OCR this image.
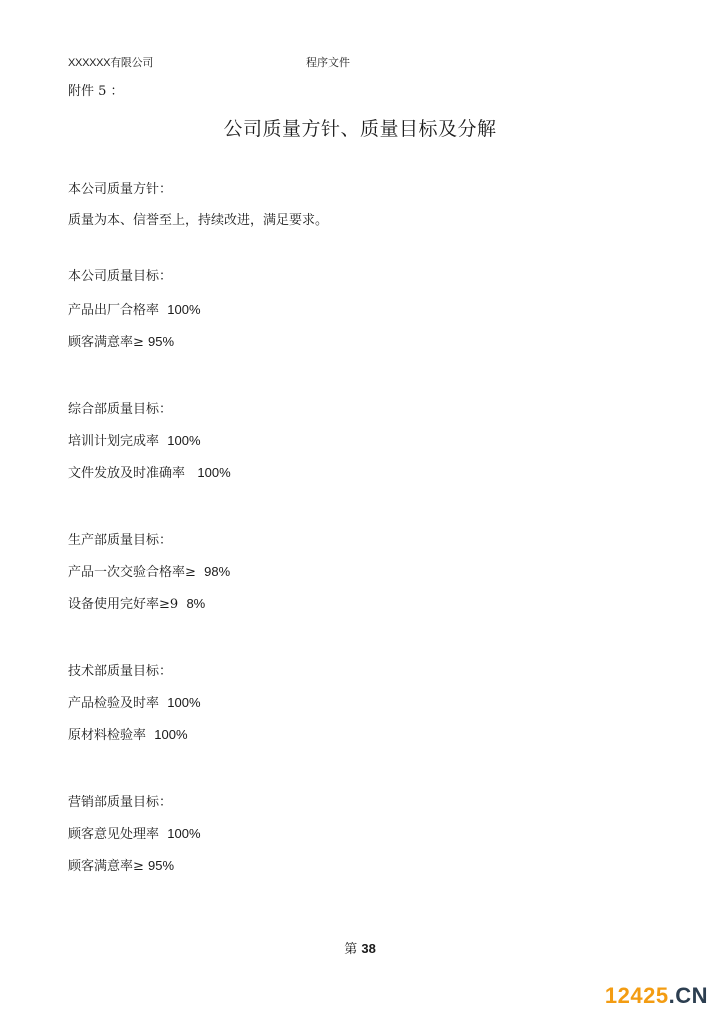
XXXXXX有限公司	程序文件
附件 5 ：
公司质量方针、质量目标及分解
本公司质量方针：
质量为本、信誉至上，持续改进，满足要求。
本公司质量目标：
产品出厂合格率 100%
顾客满意率≥ 95%
综合部质量目标：
培训计划完成率 100%
文件发放及时准确率 100%
生产部质量目标：
产品一次交验合格率≥ 98%
设备使用完好率≥9 8%
技术部质量目标：
产品检验及时率 100%
原材料检验率 100%
营销部质量目标：
顾客意见处理率 100%
顾客满意率≥ 95%
第 38
12425.CN
